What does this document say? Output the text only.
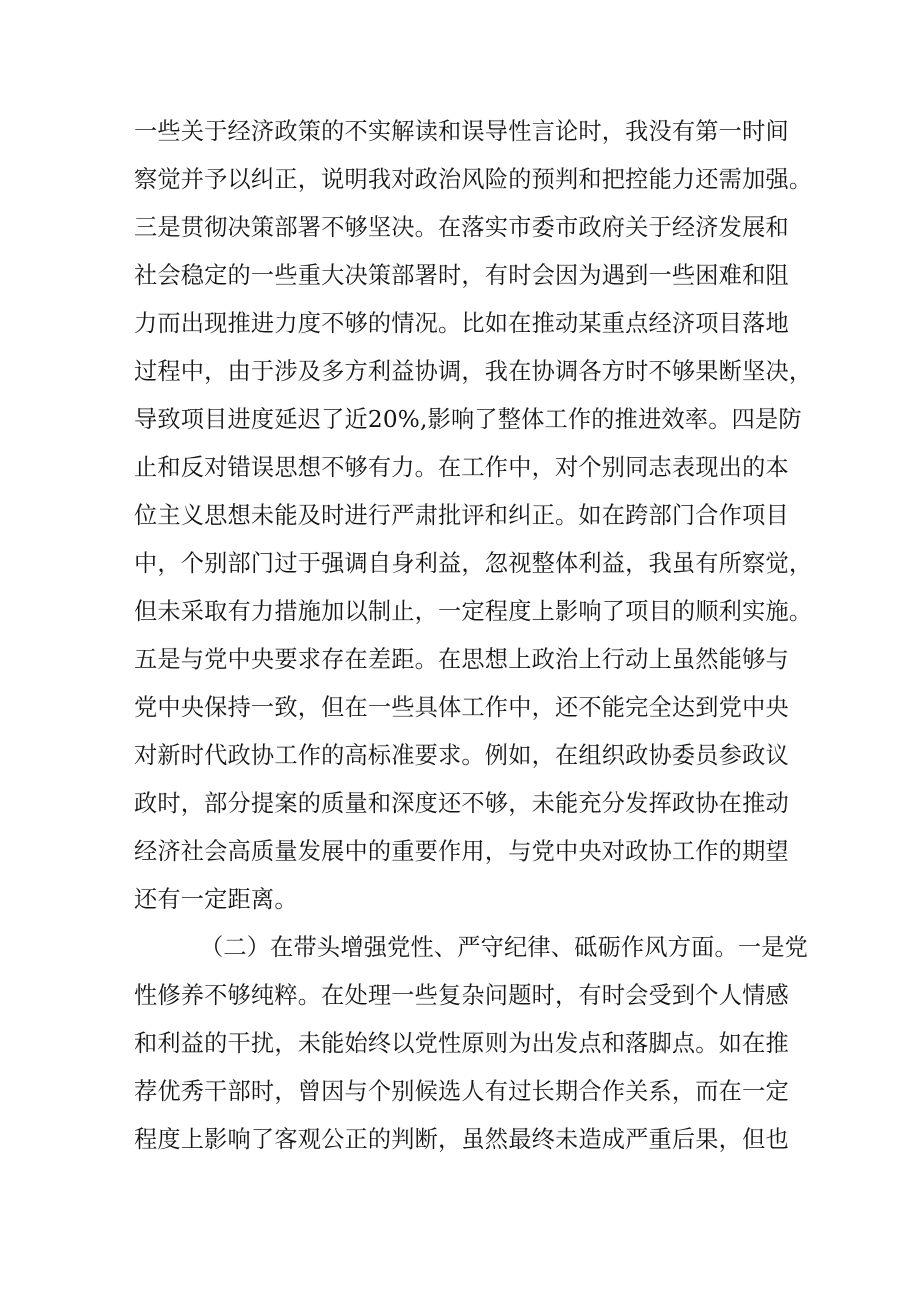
一些关于经济政策的不实解读和误导性言论时，我没有第一时间
察觉并予以纠正，说明我对政治风险的预判和把控能力还需加强。
三是贯彻决策部署不够坚决。在落实市委市政府关于经济发展和
社会稳定的一些重大决策部署时，有时会因为遇到一些困难和阻
力而出现推进力度不够的情况。比如在推动某重点经济项目落地
过程中，由于涉及多方利益协调，我在协调各方时不够果断坚决，
导致项目进度延迟了近20%,影响了整体工作的推进效率。四是防
止和反对错误思想不够有力。在工作中，对个别同志表现出的本
位主义思想未能及时进行严肃批评和纠正。如在跨部门合作项目
中，个别部门过于强调自身利益，忽视整体利益，我虽有所察觉，
但未采取有力措施加以制止，一定程度上影响了项目的顺利实施。
五是与党中央要求存在差距。在思想上政治上行动上虽然能够与
党中央保持一致，但在一些具体工作中，还不能完全达到党中央
对新时代政协工作的高标准要求。例如，在组织政协委员参政议
政时，部分提案的质量和深度还不够，未能充分发挥政协在推动
经济社会高质量发展中的重要作用，与党中央对政协工作的期望
还有一定距离。
（二）在带头增强党性、严守纪律、砥砺作风方面。一是党
性修养不够纯粹。在处理一些复杂问题时，有时会受到个人情感
和利益的干扰，未能始终以党性原则为出发点和落脚点。如在推
荐优秀干部时，曾因与个别候选人有过长期合作关系，而在一定
程度上影响了客观公正的判断，虽然最终未造成严重后果，但也
